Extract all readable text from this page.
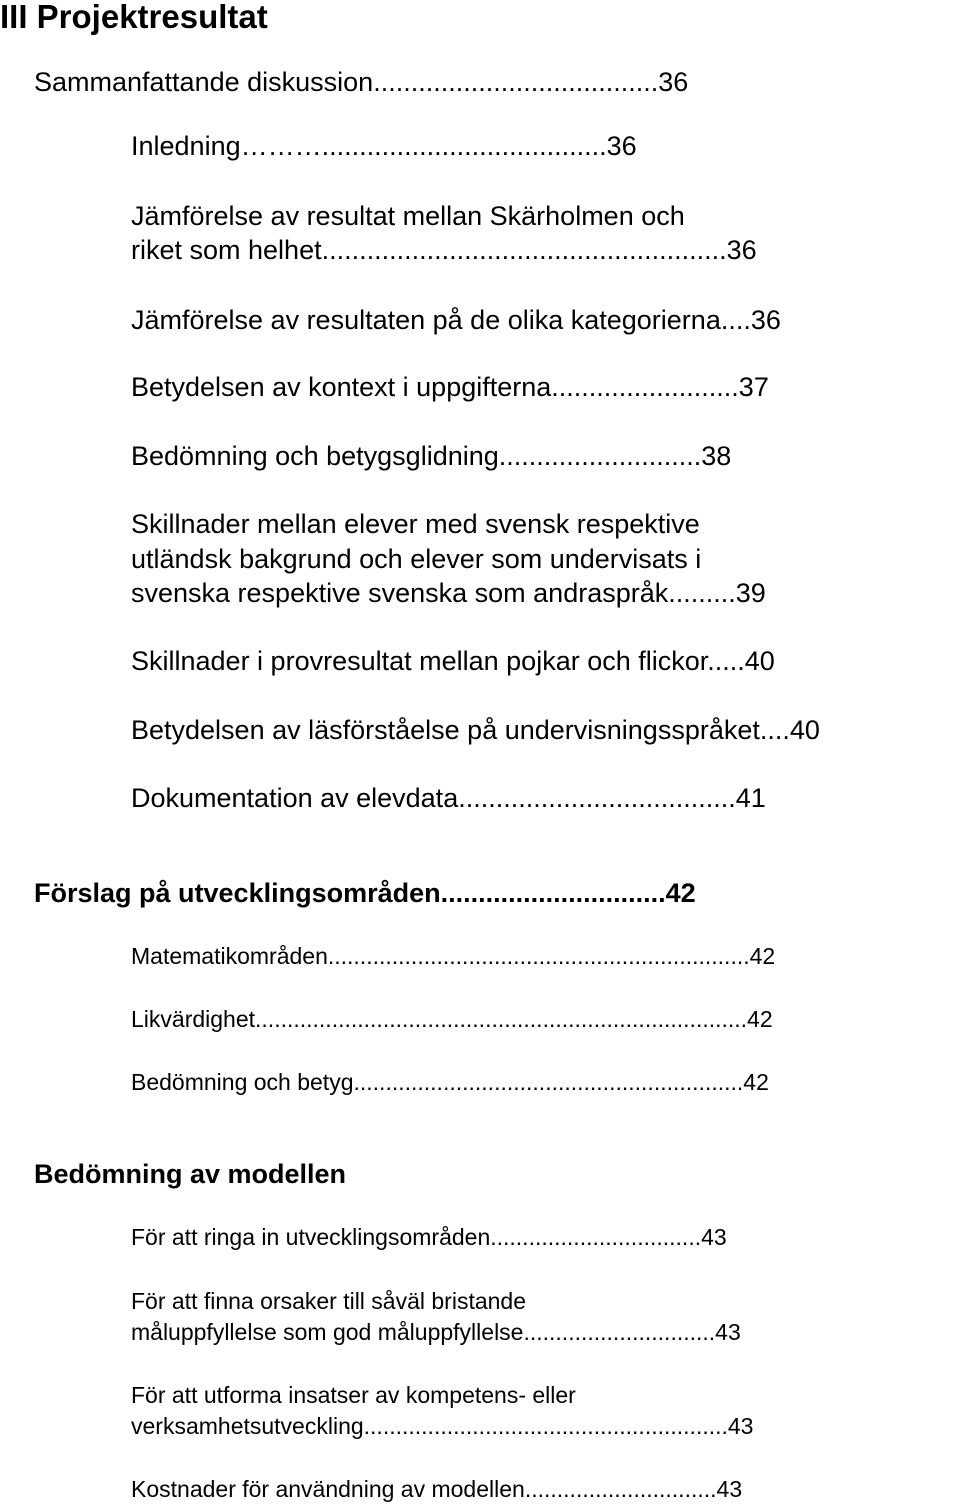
III Projektresultat
Sammanfattande diskussion......................................36
Inledning………......................................36
Jämförelse av resultat mellan Skärholmen och
riket som helhet......................................................36
Jämförelse av resultaten på de olika kategorierna....36
Betydelsen av kontext i uppgifterna.........................37
Bedömning och betygsglidning...........................38
Skillnader mellan elever med svensk respektive
utländsk bakgrund och elever som undervisats i
svenska respektive svenska som andraspråk.........39
Skillnader i provresultat mellan pojkar och flickor.....40
Betydelsen av läsförståelse på undervisningsspråket....40
Dokumentation av elevdata.....................................41
Förslag på utvecklingsområden..............................42
Matematikområden..................................................................42
Likvärdighet.............................................................................42
Bedömning och betyg.............................................................42
Bedömning av modellen
För att ringa in utvecklingsområden.................................43
För att finna orsaker till såväl bristande
måluppfyllelse som god måluppfyllelse..............................43
För att utforma insatser av kompetens- eller
verksamhetsutveckling.........................................................43
Kostnader för användning av modellen..............................43
